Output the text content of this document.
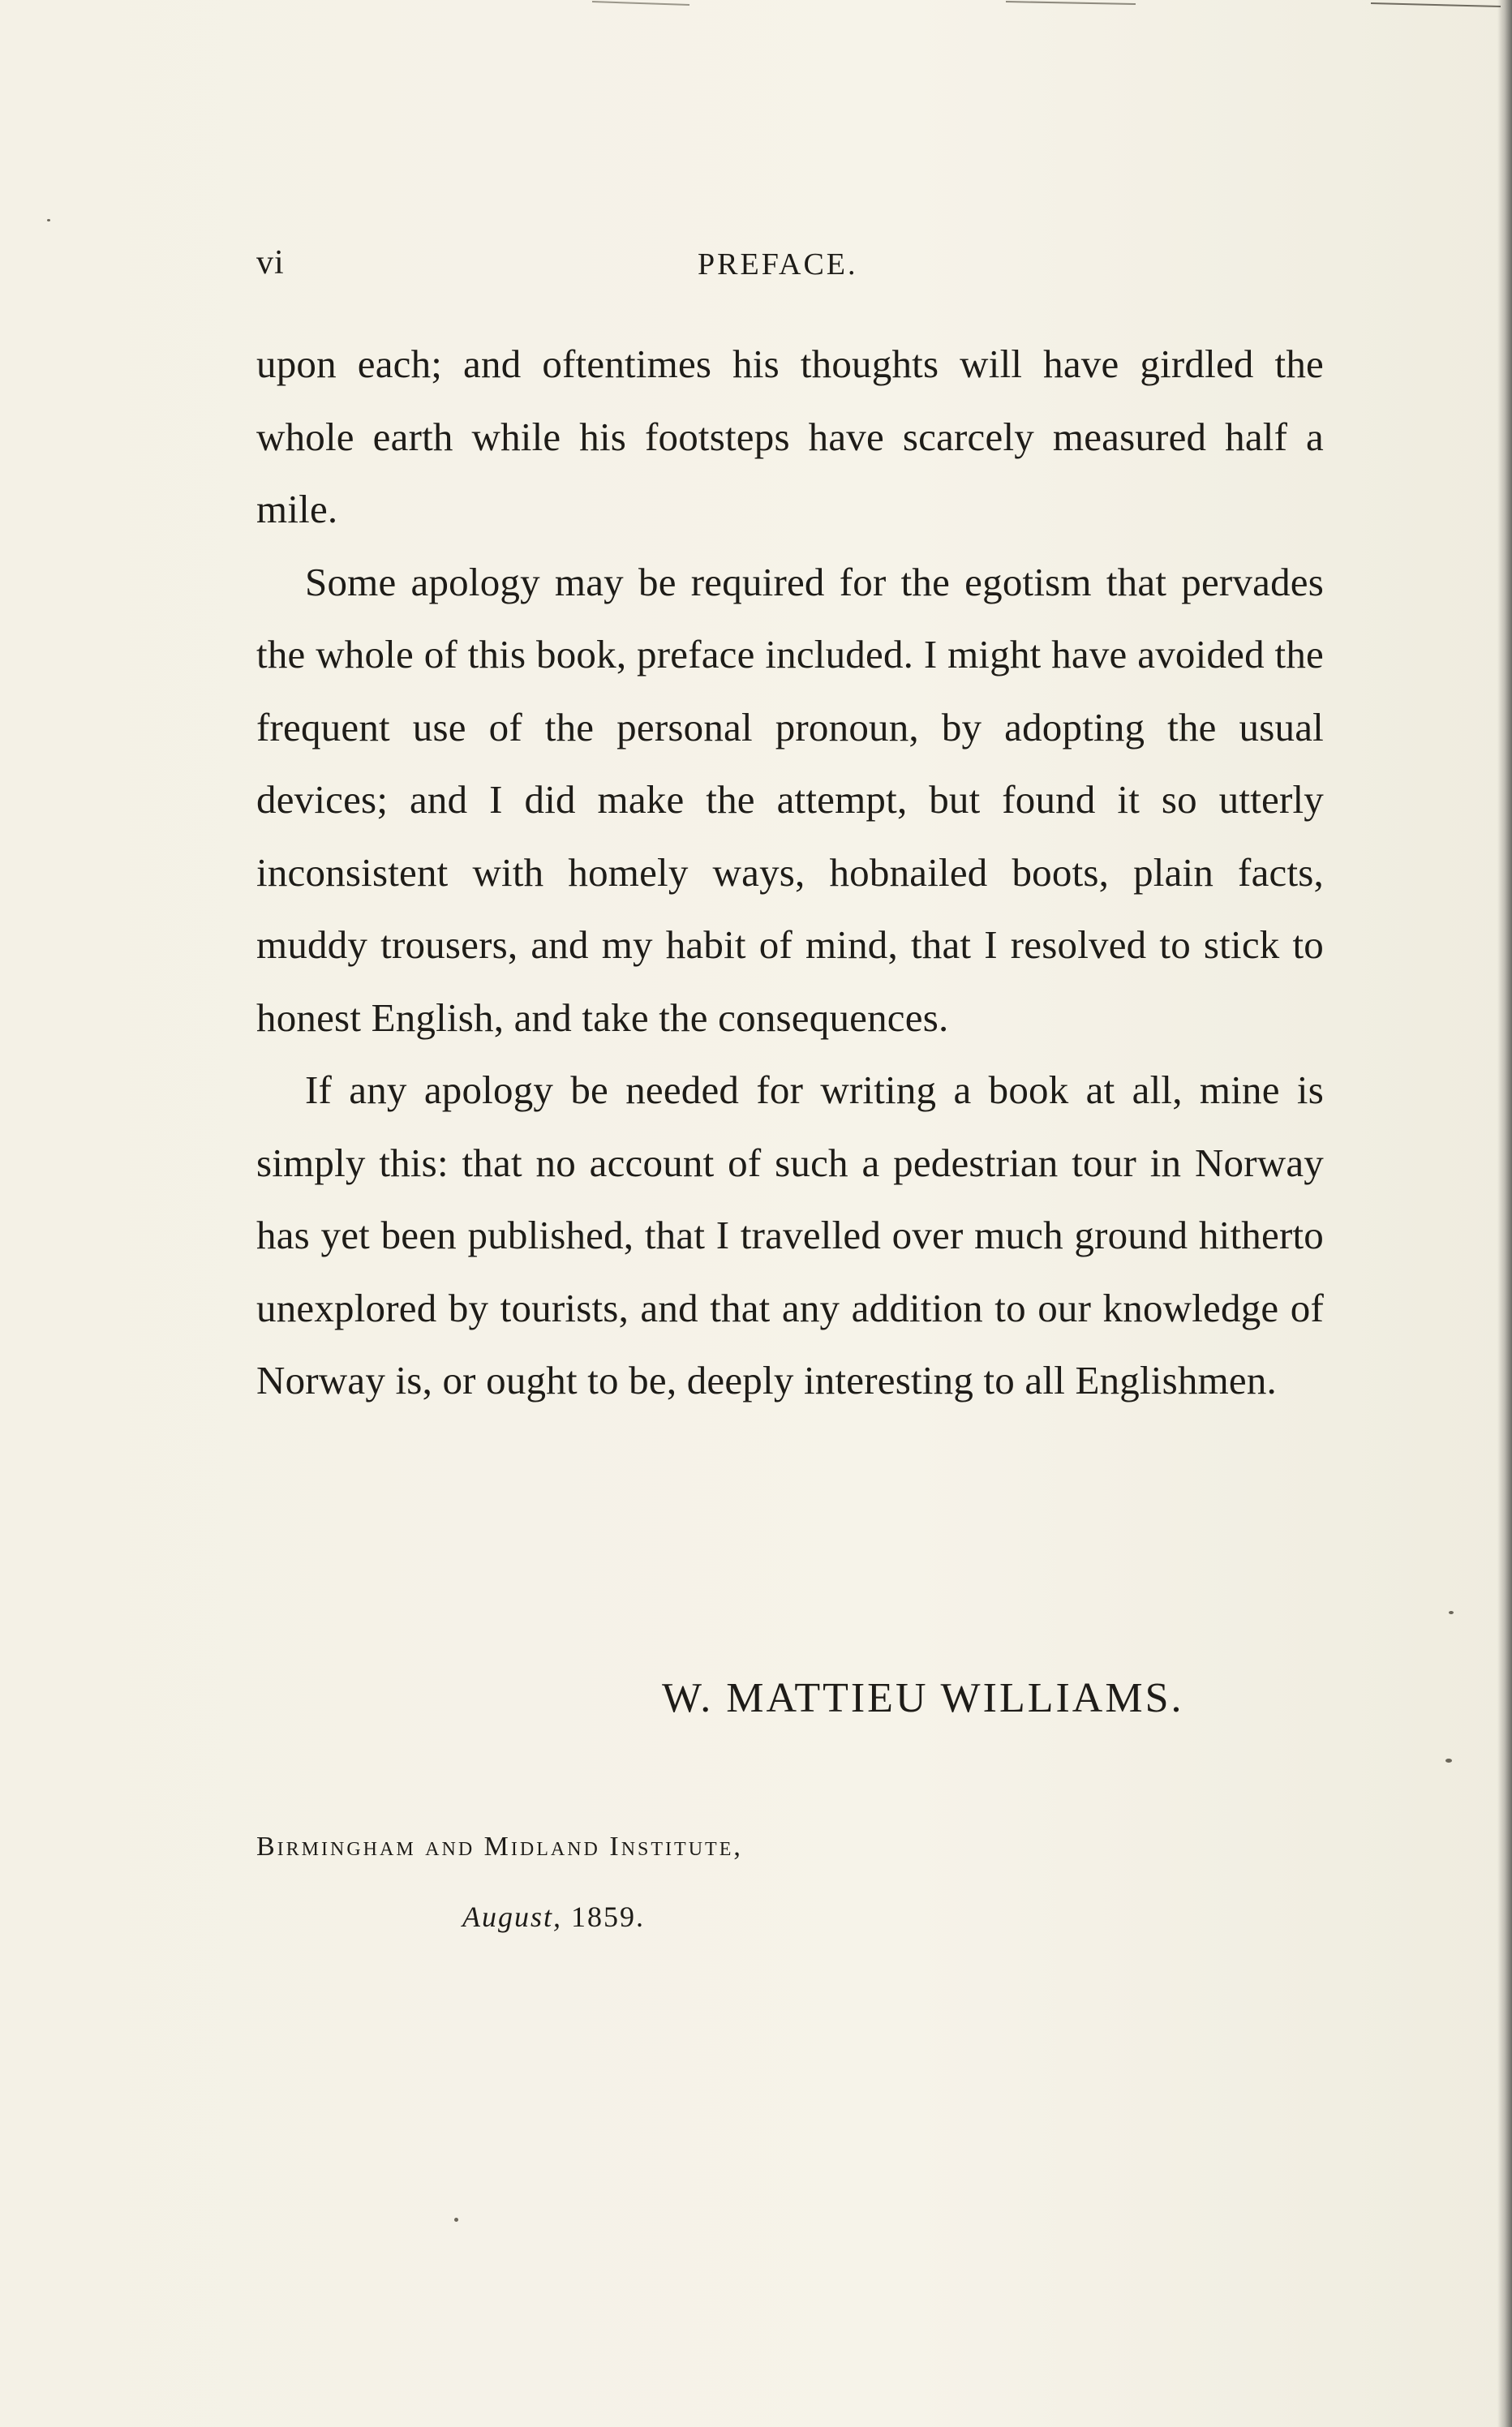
vi	PREFACE.

upon each; and oftentimes his thoughts will have girdled the whole earth while his footsteps have scarcely measured half a mile.

Some apology may be required for the egotism that pervades the whole of this book, preface included. I might have avoided the frequent use of the personal pronoun, by adopting the usual devices; and I did make the attempt, but found it so utterly inconsistent with homely ways, hobnailed boots, plain facts, muddy trousers, and my habit of mind, that I resolved to stick to honest English, and take the consequences.

If any apology be needed for writing a book at all, mine is simply this: that no account of such a pedestrian tour in Norway has yet been published, that I travelled over much ground hitherto unexplored by tourists, and that any addition to our knowledge of Norway is, or ought to be, deeply interesting to all Englishmen.

W. MATTIEU WILLIAMS.
Birmingham and Midland Institute,
August, 1859.
